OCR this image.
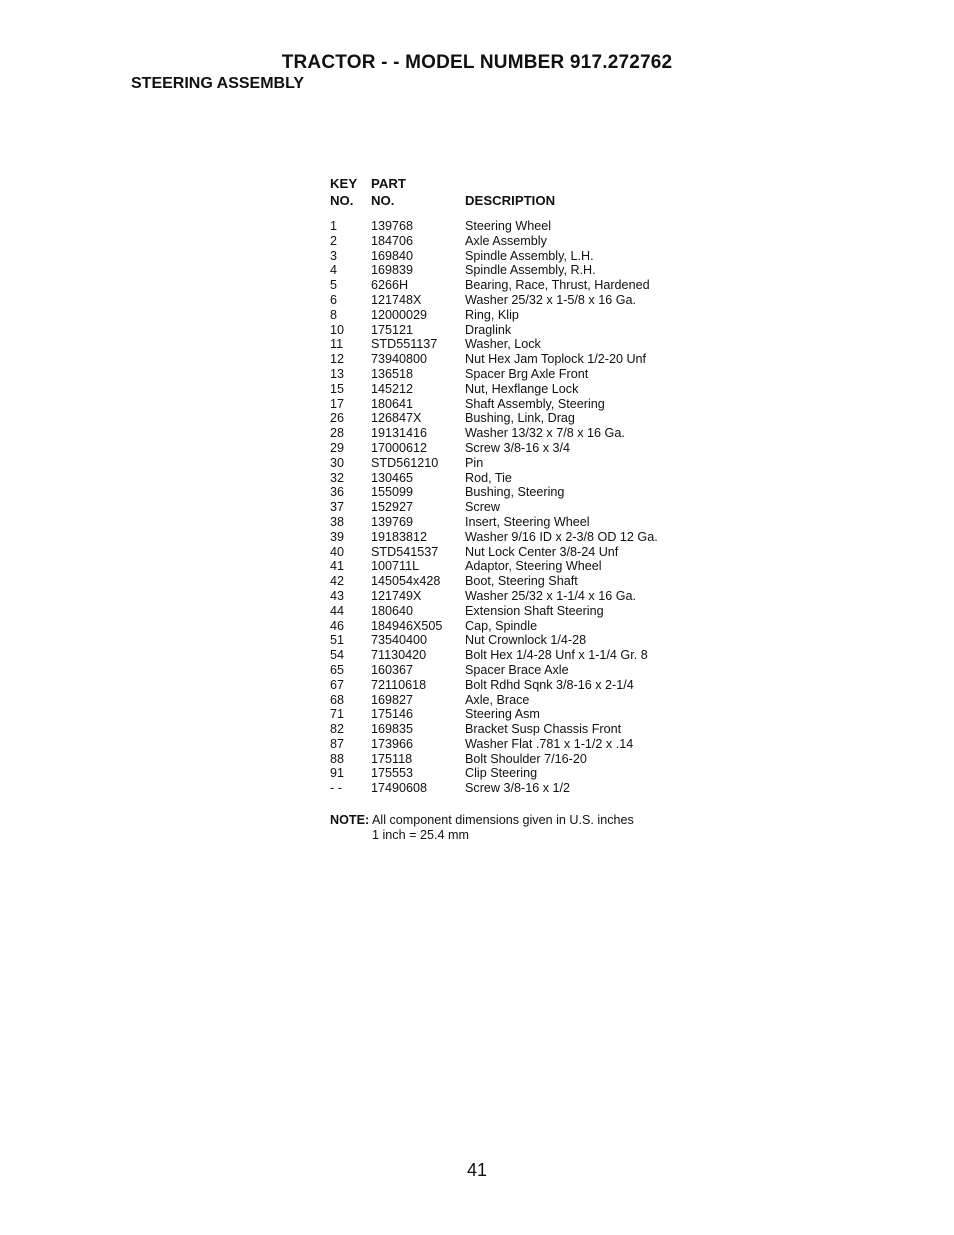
TRACTOR - - MODEL NUMBER 917.272762
STEERING ASSEMBLY
KEY PART
NO. NO.	DESCRIPTION
1	139768	Steering Wheel
2	184706	Axle Assembly
3	169840	Spindle Assembly, L.H.
4	169839	Spindle Assembly, R.H.
5	6266H	Bearing, Race, Thrust, Hardened
6	121748X	Washer 25/32 x 1-5/8 x 16 Ga.
8	12000029	Ring, Klip
10 175121	Draglink
11 STD551137 Washer, Lock
12 73940800	Nut Hex Jam Toplock 1/2-20 Unf
13 136518	Spacer Brg Axle Front
15 145212	Nut, Hexflange Lock
17 180641	Shaft Assembly, Steering
26 126847X	Bushing, Link, Drag
28 19131416	Washer 13/32 x 7/8 x 16 Ga.
29 17000612	Screw 3/8-16 x 3/4
30 STD561210 Pin
32 130465	Rod, Tie
36 155099	Bushing, Steering
37 152927	Screw
38 139769	Insert, Steering Wheel
39 19183812	Washer 9/16 ID x 2-3/8 OD 12 Ga.
40 STD541537 Nut Lock Center 3/8-24 Unf
41 100711L	Adaptor, Steering Wheel
42 145054x428 Boot, Steering Shaft
43 121749X	Washer 25/32 x 1-1/4 x 16 Ga.
44 180640	Extension Shaft Steering
46 184946X505 Cap, Spindle
51 73540400	Nut Crownlock 1/4-28
54 71130420	Bolt Hex 1/4-28 Unf x 1-1/4 Gr. 8
65 160367	Spacer Brace Axle
67 72110618	Bolt Rdhd Sqnk 3/8-16 x 2-1/4
68 169827	Axle, Brace
71 175146	Steering Asm
82 169835	Bracket Susp Chassis Front
87 173966	Washer Flat .781 x 1-1/2 x .14
88 175118	Bolt Shoulder 7/16-20
91 175553	Clip Steering
- - 17490608	Screw 3/8-16 x 1/2
NOTE: All component dimensions given in U.S. inches
1 inch = 25.4 mm
41
